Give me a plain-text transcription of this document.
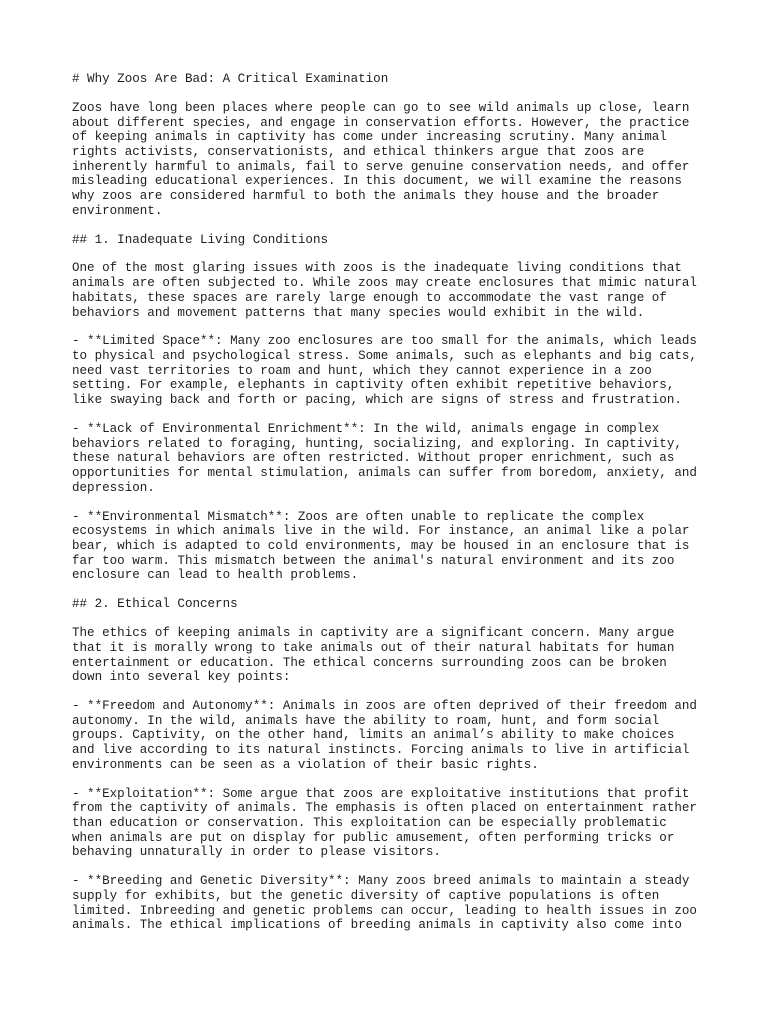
# Why Zoos Are Bad: A Critical Examination
Zoos have long been places where people can go to see wild animals up close, learn
about different species, and engage in conservation efforts. However, the practice
of keeping animals in captivity has come under increasing scrutiny. Many animal
rights activists, conservationists, and ethical thinkers argue that zoos are
inherently harmful to animals, fail to serve genuine conservation needs, and offer
misleading educational experiences. In this document, we will examine the reasons
why zoos are considered harmful to both the animals they house and the broader
environment.
## 1. Inadequate Living Conditions
One of the most glaring issues with zoos is the inadequate living conditions that
animals are often subjected to. While zoos may create enclosures that mimic natural
habitats, these spaces are rarely large enough to accommodate the vast range of
behaviors and movement patterns that many species would exhibit in the wild.
- **Limited Space**: Many zoo enclosures are too small for the animals, which leads
to physical and psychological stress. Some animals, such as elephants and big cats,
need vast territories to roam and hunt, which they cannot experience in a zoo
setting. For example, elephants in captivity often exhibit repetitive behaviors,
like swaying back and forth or pacing, which are signs of stress and frustration.
- **Lack of Environmental Enrichment**: In the wild, animals engage in complex
behaviors related to foraging, hunting, socializing, and exploring. In captivity,
these natural behaviors are often restricted. Without proper enrichment, such as
opportunities for mental stimulation, animals can suffer from boredom, anxiety, and
depression.
- **Environmental Mismatch**: Zoos are often unable to replicate the complex
ecosystems in which animals live in the wild. For instance, an animal like a polar
bear, which is adapted to cold environments, may be housed in an enclosure that is
far too warm. This mismatch between the animal's natural environment and its zoo
enclosure can lead to health problems.
## 2. Ethical Concerns
The ethics of keeping animals in captivity are a significant concern. Many argue
that it is morally wrong to take animals out of their natural habitats for human
entertainment or education. The ethical concerns surrounding zoos can be broken
down into several key points:
- **Freedom and Autonomy**: Animals in zoos are often deprived of their freedom and
autonomy. In the wild, animals have the ability to roam, hunt, and form social
groups. Captivity, on the other hand, limits an animal’s ability to make choices
and live according to its natural instincts. Forcing animals to live in artificial
environments can be seen as a violation of their basic rights.
- **Exploitation**: Some argue that zoos are exploitative institutions that profit
from the captivity of animals. The emphasis is often placed on entertainment rather
than education or conservation. This exploitation can be especially problematic
when animals are put on display for public amusement, often performing tricks or
behaving unnaturally in order to please visitors.
- **Breeding and Genetic Diversity**: Many zoos breed animals to maintain a steady
supply for exhibits, but the genetic diversity of captive populations is often
limited. Inbreeding and genetic problems can occur, leading to health issues in zoo
animals. The ethical implications of breeding animals in captivity also come into
